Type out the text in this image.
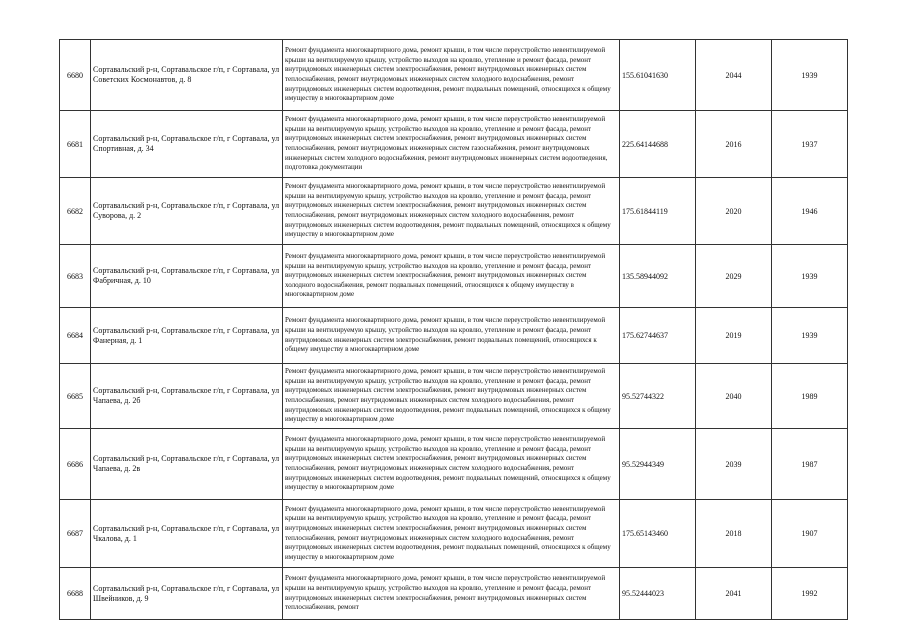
6680	Сортавальский р-н, Сортавальское г/п, г Сортавала, ул Советских Космонавтов, д. 8	Ремонт фундамента многоквартирного дома, ремонт крыши, в том числе переустройство невентилируемой крыши на вентилируемую крышу, устройство выходов на кровлю, утепление и ремонт фасада, ремонт внутридомовых инженерных систем электроснабжения, ремонт внутридомовых инженерных систем теплоснабжения, ремонт внутридомовых инженерных систем холодного водоснабжения, ремонт внутридомовых инженерных систем водоотведения, ремонт подвальных помещений, относящихся к общему имуществу в многоквартирном доме	155.61041630	2044	1939
6681	Сортавальский р-н, Сортавальское г/п, г Сортавала, ул Спортивная, д. 34	Ремонт фундамента многоквартирного дома, ремонт крыши, в том числе переустройство невентилируемой крыши на вентилируемую крышу, устройство выходов на кровлю, утепление и ремонт фасада, ремонт внутридомовых инженерных систем электроснабжения, ремонт внутридомовых инженерных систем теплоснабжения, ремонт внутридомовых инженерных систем газоснабжения, ремонт внутридомовых инженерных систем холодного водоснабжения, ремонт внутридомовых инженерных систем водоотведения, подготовка документации	225.64144688	2016	1937
6682	Сортавальский р-н, Сортавальское г/п, г Сортавала, ул Суворова, д. 2	Ремонт фундамента многоквартирного дома, ремонт крыши, в том числе переустройство невентилируемой крыши на вентилируемую крышу, устройство выходов на кровлю, утепление и ремонт фасада, ремонт внутридомовых инженерных систем электроснабжения, ремонт внутридомовых инженерных систем теплоснабжения, ремонт внутридомовых инженерных систем холодного водоснабжения, ремонт внутридомовых инженерных систем водоотведения, ремонт подвальных помещений, относящихся к общему имуществу в многоквартирном доме	175.61844119	2020	1946
6683	Сортавальский р-н, Сортавальское г/п, г Сортавала, ул Фабричная, д. 10	Ремонт фундамента многоквартирного дома, ремонт крыши, в том числе переустройство невентилируемой крыши на вентилируемую крышу, устройство выходов на кровлю, утепление и ремонт фасада, ремонт внутридомовых инженерных систем электроснабжения, ремонт внутридомовых инженерных систем холодного водоснабжения, ремонт подвальных помещений, относящихся к общему имуществу в многоквартирном доме	135.58944092	2029	1939
6684	Сортавальский р-н, Сортавальское г/п, г Сортавала, ул Фанерная, д. 1	Ремонт фундамента многоквартирного дома, ремонт крыши, в том числе переустройство невентилируемой крыши на вентилируемую крышу, устройство выходов на кровлю, утепление и ремонт фасада, ремонт внутридомовых инженерных систем электроснабжения, ремонт подвальных помещений, относящихся к общему имуществу в многоквартирном доме	175.62744637	2019	1939
6685	Сортавальский р-н, Сортавальское г/п, г Сортавала, ул Чапаева, д. 2б	Ремонт фундамента многоквартирного дома, ремонт крыши, в том числе переустройство невентилируемой крыши на вентилируемую крышу, устройство выходов на кровлю, утепление и ремонт фасада, ремонт внутридомовых инженерных систем электроснабжения, ремонт внутридомовых инженерных систем теплоснабжения, ремонт внутридомовых инженерных систем холодного водоснабжения, ремонт внутридомовых инженерных систем водоотведения, ремонт подвальных помещений, относящихся к общему имуществу в многоквартирном доме	95.52744322	2040	1989
6686	Сортавальский р-н, Сортавальское г/п, г Сортавала, ул Чапаева, д. 2в	Ремонт фундамента многоквартирного дома, ремонт крыши, в том числе переустройство невентилируемой крыши на вентилируемую крышу, устройство выходов на кровлю, утепление и ремонт фасада, ремонт внутридомовых инженерных систем электроснабжения, ремонт внутридомовых инженерных систем теплоснабжения, ремонт внутридомовых инженерных систем холодного водоснабжения, ремонт внутридомовых инженерных систем водоотведения, ремонт подвальных помещений, относящихся к общему имуществу в многоквартирном доме	95.52944349	2039	1987
6687	Сортавальский р-н, Сортавальское г/п, г Сортавала, ул Чкалова, д. 1	Ремонт фундамента многоквартирного дома, ремонт крыши, в том числе переустройство невентилируемой крыши на вентилируемую крышу, устройство выходов на кровлю, утепление и ремонт фасада, ремонт внутридомовых инженерных систем электроснабжения, ремонт внутридомовых инженерных систем теплоснабжения, ремонт внутридомовых инженерных систем холодного водоснабжения, ремонт внутридомовых инженерных систем водоотведения, ремонт подвальных помещений, относящихся к общему имуществу в многоквартирном доме	175.65143460	2018	1907
6688	Сортавальский р-н, Сортавальское г/п, г Сортавала, ул Швейников, д. 9	Ремонт фундамента многоквартирного дома, ремонт крыши, в том числе переустройство невентилируемой крыши на вентилируемую крышу, устройство выходов на кровлю, утепление и ремонт фасада, ремонт внутридомовых инженерных систем электроснабжения, ремонт внутридомовых инженерных систем теплоснабжения, ремонт	95.52444023	2041	1992
